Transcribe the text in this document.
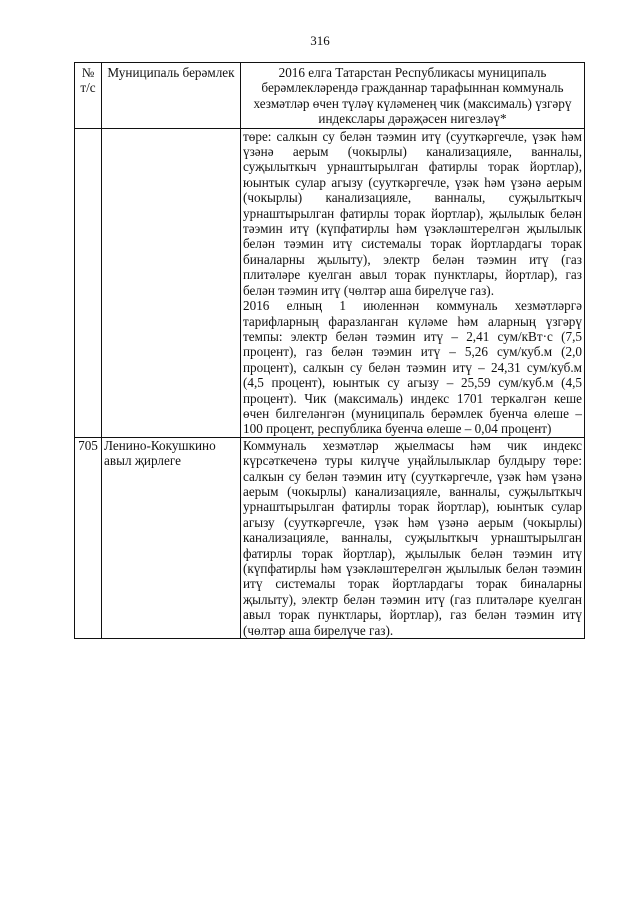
316
№ т/с	Муниципаль берәмлек	2016 елга Татарстан Республикасы муниципаль берәмлекләрендә гражданнар тарафыннан коммуналь хезмәтләр өчен түләү күләменең чик (максималь) үзгәрү индекслары дәрәҗәсен нигезләү*

		төре: салкын су белән тәэмин итү (сууткәргечле, үзәк һәм үзәнә аерым (чокырлы) канализацияле, ванналы, суҗылыткыч урнаштырылган фатирлы торак йортлар), юынтык сулар агызу (сууткәргечле, үзәк һәм үзәнә аерым (чокырлы) канализацияле, ванналы, суҗылыткыч урнаштырылган фатирлы торак йортлар), җылылык белән тәэмин итү (күпфатирлы һәм үзәкләштерелгән җылылык белән тәэмин итү системалы торак йортлардагы торак биналарны җылыту), электр белән тәэмин итү (газ плитәләре куелган авыл торак пунктлары, йортлар), газ белән тәэмин итү (чөлтәр аша бирелүче газ).

2016 елның 1 июленнән коммуналь хезмәтләргә тарифларның фаразланган күләме һәм аларның үзгәрү темпы: электр белән тәэмин итү – 2,41 сум/кВт·с (7,5 процент), газ белән тәэмин итү – 5,26 сум/куб.м (2,0 процент), салкын су белән тәэмин итү – 24,31 сум/куб.м (4,5 процент), юынтык су агызу – 25,59 сум/куб.м (4,5 процент). Чик (максималь) индекс 1701 теркәлгән кеше өчен билгеләнгән (муниципаль берәмлек буенча өлеше – 100 процент, республика буенча өлеше – 0,04 процент)

705	Ленино-Кокушкино авыл җирлеге	Коммуналь хезмәтләр җыелмасы һәм чик индекс күрсәткеченә туры килүче уңайлылыклар булдыру төре: салкын су белән тәэмин итү (сууткәргечле, үзәк һәм үзәнә аерым (чокырлы) канализацияле, ванналы, суҗылыткыч урнаштырылган фатирлы торак йортлар), юынтык сулар агызу (сууткәргечле, үзәк һәм үзәнә аерым (чокырлы) канализацияле, ванналы, суҗылыткыч урнаштырылган фатирлы торак йортлар), җылылык белән тәэмин итү (күпфатирлы һәм үзәкләштерелгән җылылык белән тәэмин итү системалы торак йортлардагы торак биналарны җылыту), электр белән тәэмин итү (газ плитәләре куелган авыл торак пунктлары, йортлар), газ белән тәэмин итү (чөлтәр аша бирелүче газ).
